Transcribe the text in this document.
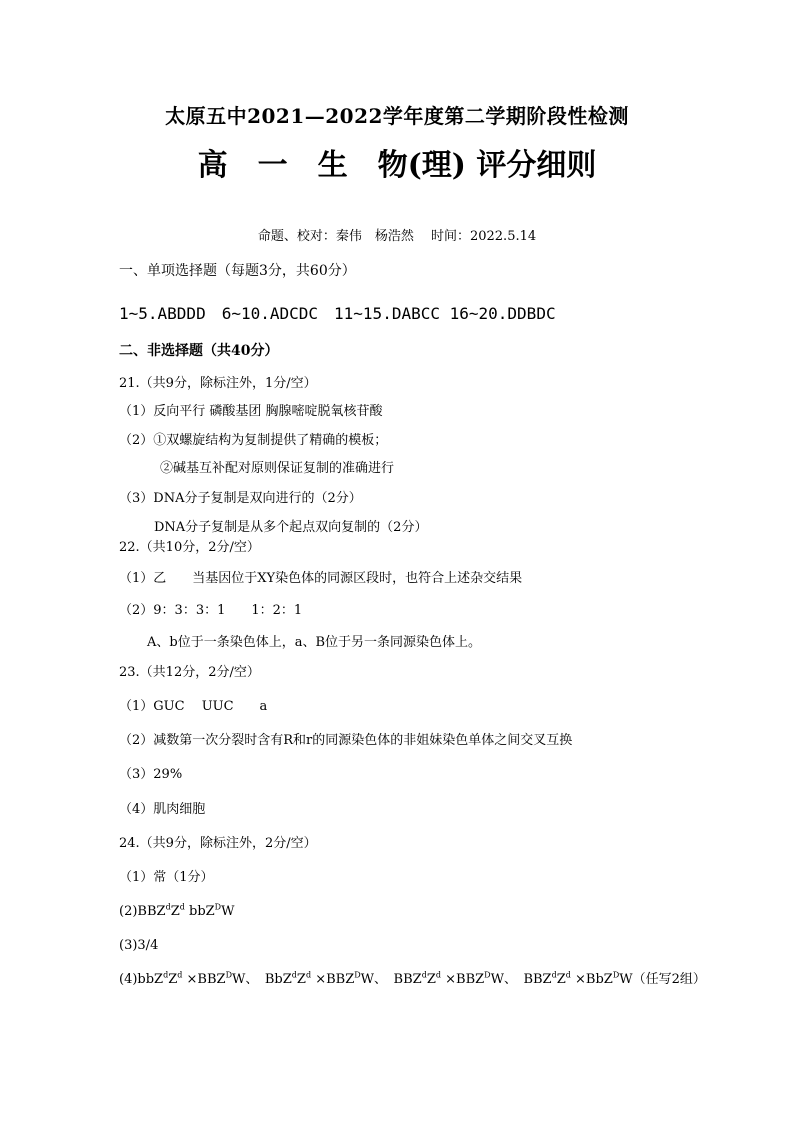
太原五中2021—2022学年度第二学期阶段性检测
高　一　生　物(理) 评分细则
命题、校对：秦伟　杨浩然　 时间：2022.5.14
一、单项选择题（每题3分，共60分）
1~5.ABDDD　6~10.ADCDC　11~15.DABCC 16~20.DDBDC
二、非选择题（共40分）
21.（共9分，除标注外，1分/空）
（1）反向平行 磷酸基团 胸腺嘧啶脱氧核苷酸
（2）①双螺旋结构为复制提供了精确的模板；
②碱基互补配对原则保证复制的准确进行
（3）DNA分子复制是双向进行的（2分）
DNA分子复制是从多个起点双向复制的（2分）
22.（共10分，2分/空）
（1）乙　　当基因位于XY染色体的同源区段时，也符合上述杂交结果
（2）9：3：3：1　　1：2：1
A、b位于一条染色体上，a、B位于另一条同源染色体上。
23.（共12分，2分/空）
（1）GUC　 UUC　　a
（2）减数第一次分裂时含有R和r的同源染色体的非姐妹染色单体之间交叉互换
（3）29%
（4）肌肉细胞
24.（共9分，除标注外，2分/空）
（1）常（1分）
$(2)BBZ^dZ^d$ bbZ$^D$W
(3)3/4
$(4)bbZ^dZ^d \times BBZ^DW$、　$BbZ^dZ^d \times BBZ^DW$、　$BBZ^dZ^d \times BBZ^DW$、　$BBZ^dZ^d \times BbZ^DW$（任写2组）
